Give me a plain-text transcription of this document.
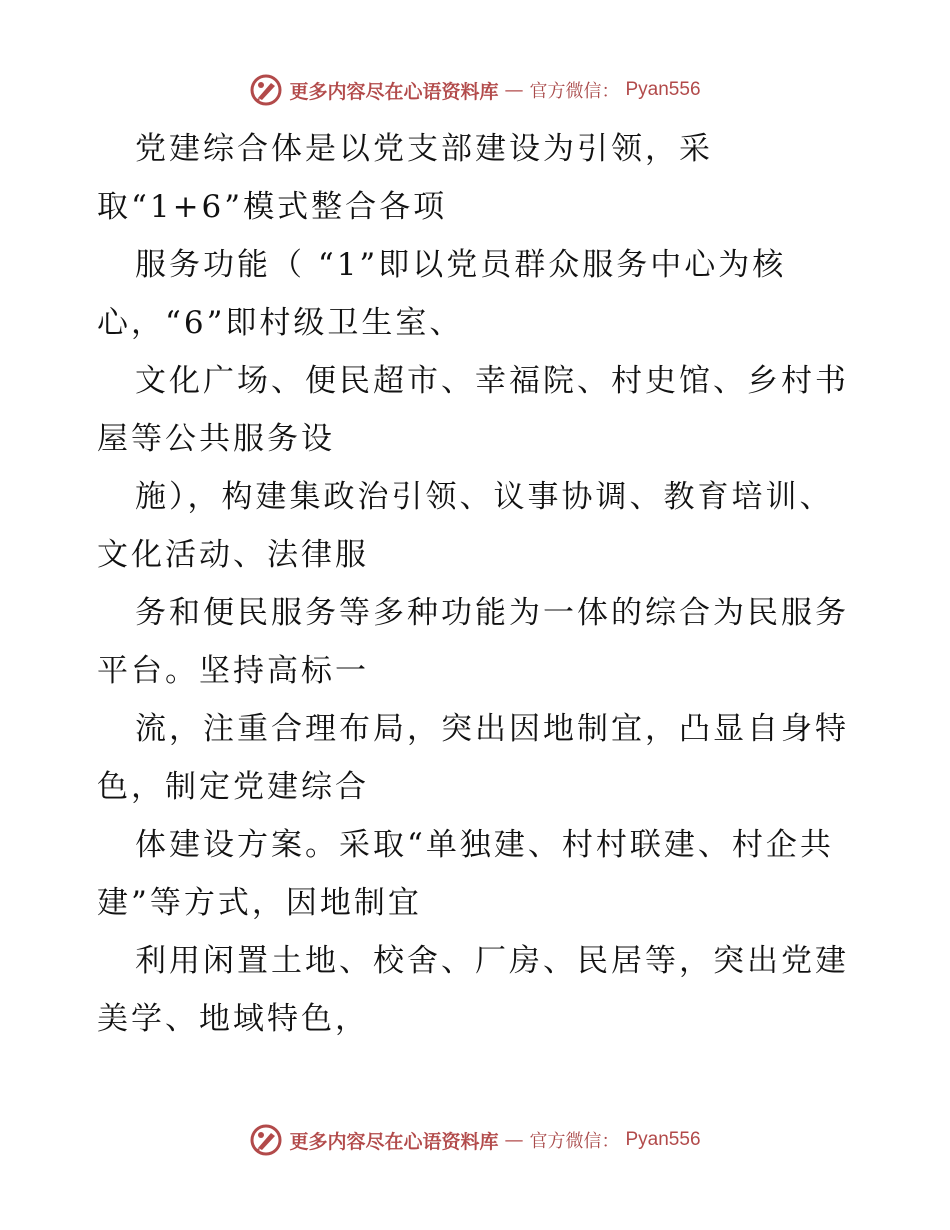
更多内容尽在心语资料库 — 官方微信： Pyan556
党建综合体是以党支部建设为引领，采
取“1+6”模式整合各项
服务功能（ “1”即以党员群众服务中心为核
心，“6”即村级卫生室、
文化广场、便民超市、幸福院、村史馆、乡村书
屋等公共服务设
施），构建集政治引领、议事协调、教育培训、
文化活动、法律服
务和便民服务等多种功能为一体的综合为民服务
平台。坚持高标一
流，注重合理布局，突出因地制宜，凸显自身特
色，制定党建综合
体建设方案。采取“单独建、村村联建、村企共
建”等方式，因地制宜
利用闲置土地、校舍、厂房、民居等，突出党建
美学、地域特色，
更多内容尽在心语资料库 — 官方微信： Pyan556
